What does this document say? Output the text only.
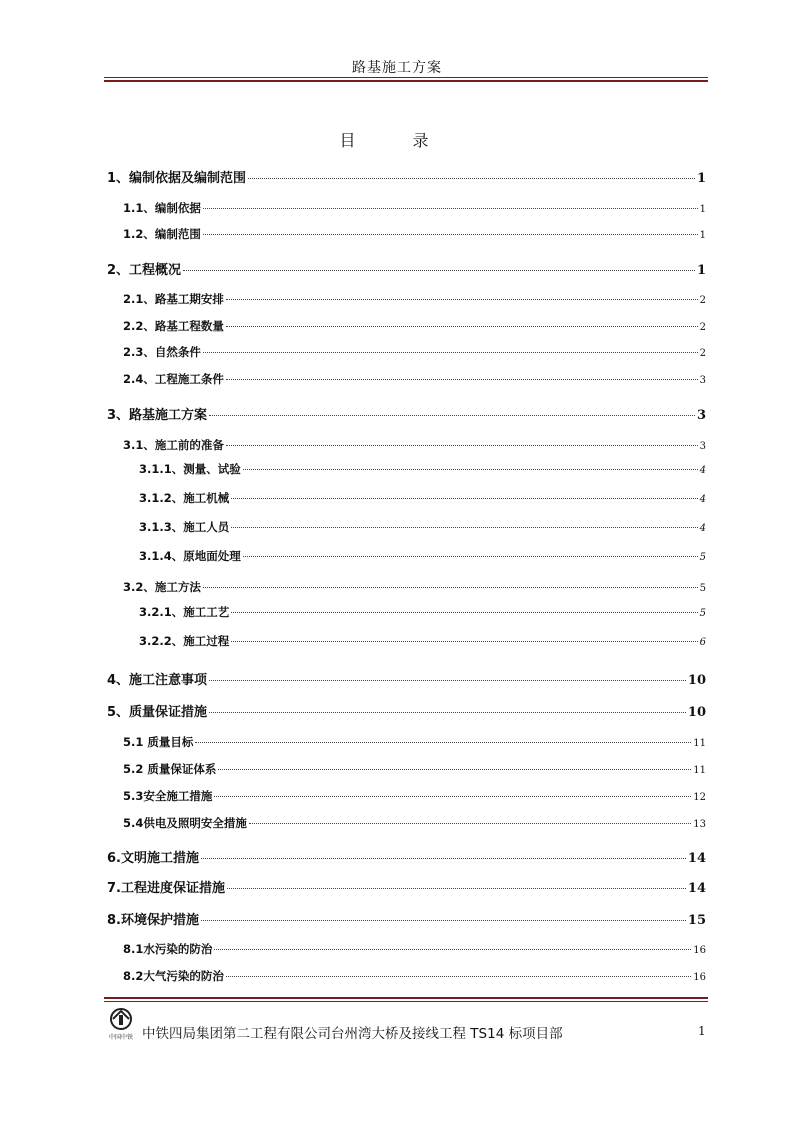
路基施工方案
目 录
1、编制依据及编制范围	1
1.1、编制依据	1
1.2、编制范围	1
2、工程概况	1
2.1、路基工期安排	2
2.2、路基工程数量	2
2.3、自然条件	2
2.4、工程施工条件	3
3、路基施工方案	3
3.1、施工前的准备	3
3.1.1、测量、试验	4
3.1.2、施工机械	4
3.1.3、施工人员	4
3.1.4、原地面处理	5
3.2、施工方法	5
3.2.1、施工工艺	5
3.2.2、施工过程	6
4、施工注意事项	10
5、质量保证措施	10
5.1 质量目标	11
5.2 质量保证体系	11
5.3安全施工措施	12
5.4供电及照明安全措施	13
6.文明施工措施	14
7.工程进度保证措施	14
8.环境保护措施	15
8.1水污染的防治	16
8.2大气污染的防治	16
中国中铁 中铁四局集团第二工程有限公司台州湾大桥及接线工程 TS14 标项目部	1
